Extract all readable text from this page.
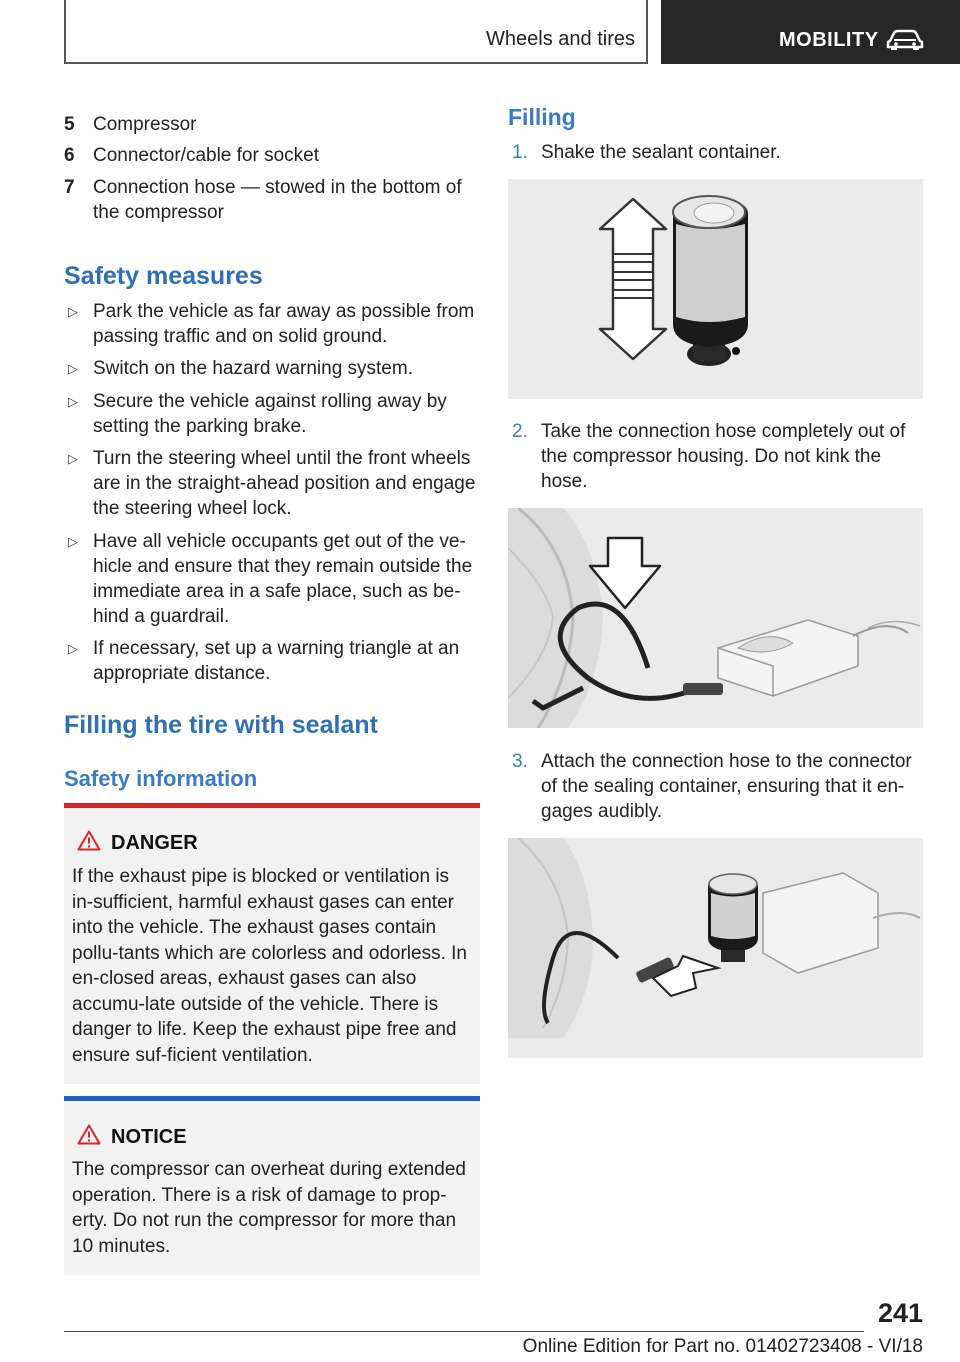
Wheels and tires	MOBILITY
5 Compressor
6 Connector/cable for socket
7 Connection hose — stowed in the bottom of the compressor
Safety measures
▷ Park the vehicle as far away as possible from passing traffic and on solid ground.
▷ Switch on the hazard warning system.
▷ Secure the vehicle against rolling away by setting the parking brake.
▷ Turn the steering wheel until the front wheels are in the straight-ahead position and engage the steering wheel lock.
▷ Have all vehicle occupants get out of the ve-hicle and ensure that they remain outside the immediate area in a safe place, such as be-hind a guardrail.
▷ If necessary, set up a warning triangle at an appropriate distance.
Filling the tire with sealant
Safety information
DANGER
If the exhaust pipe is blocked or ventilation is in-sufficient, harmful exhaust gases can enter into the vehicle. The exhaust gases contain pollu-tants which are colorless and odorless. In en-closed areas, exhaust gases can also accumu-late outside of the vehicle. There is danger to life. Keep the exhaust pipe free and ensure suf-ficient ventilation.
NOTICE
The compressor can overheat during extended operation. There is a risk of damage to prop-erty. Do not run the compressor for more than 10 minutes.
Filling
1. Shake the sealant container.
2. Take the connection hose completely out of the compressor housing. Do not kink the hose.
3. Attach the connection hose to the connector of the sealing container, ensuring that it en-gages audibly.
241
Online Edition for Part no. 01402723408 - VI/18
